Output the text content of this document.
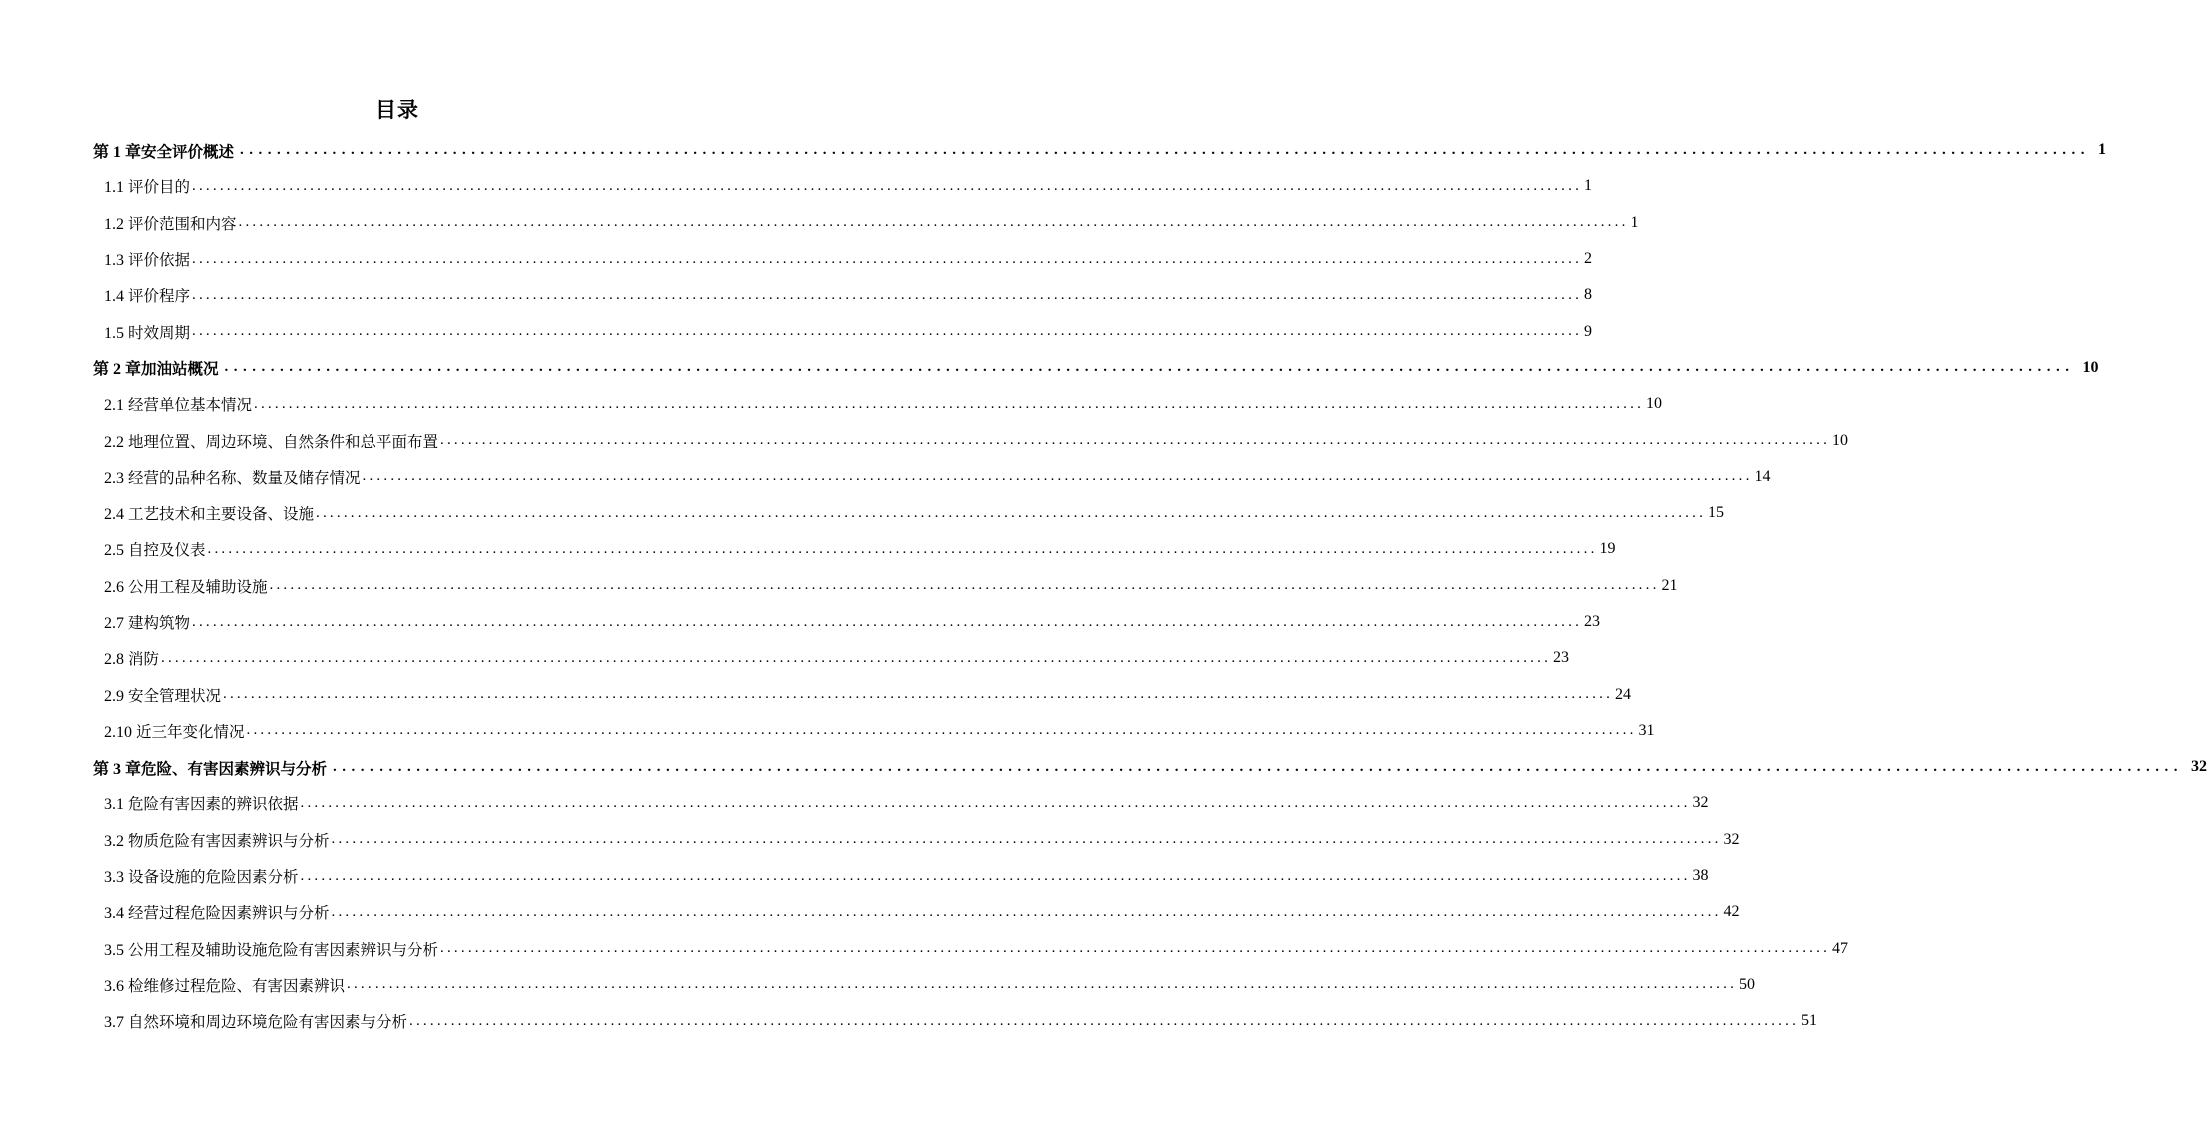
目录
第 1 章安全评价概述 ........................................................................................................................................................................................................ 1
1.1 评价目的 ........................................................................................................................................................................................................ 1
1.2 评价范围和内容 ........................................................................................................................................................................................................ 1
1.3 评价依据 ........................................................................................................................................................................................................ 2
1.4 评价程序 ........................................................................................................................................................................................................ 8
1.5 时效周期 ........................................................................................................................................................................................................ 9
第 2 章加油站概况 ........................................................................................................................................................................................................ 10
2.1 经营单位基本情况 ........................................................................................................................................................................................................ 10
2.2 地理位置、周边环境、自然条件和总平面布置 ........................................................................................................................................................................................................ 10
2.3 经营的品种名称、数量及储存情况 ........................................................................................................................................................................................................ 14
2.4 工艺技术和主要设备、设施 ........................................................................................................................................................................................................ 15
2.5 自控及仪表 ........................................................................................................................................................................................................ 19
2.6 公用工程及辅助设施 ........................................................................................................................................................................................................ 21
2.7 建构筑物 ........................................................................................................................................................................................................ 23
2.8 消防 ........................................................................................................................................................................................................ 23
2.9 安全管理状况 ........................................................................................................................................................................................................ 24
2.10 近三年变化情况 ........................................................................................................................................................................................................ 31
第 3 章危险、有害因素辨识与分析 ........................................................................................................................................................................................................ 32
3.1 危险有害因素的辨识依据 ........................................................................................................................................................................................................ 32
3.2 物质危险有害因素辨识与分析 ........................................................................................................................................................................................................ 32
3.3 设备设施的危险因素分析 ........................................................................................................................................................................................................ 38
3.4 经营过程危险因素辨识与分析 ........................................................................................................................................................................................................ 42
3.5 公用工程及辅助设施危险有害因素辨识与分析 ........................................................................................................................................................................................................ 47
3.6 检维修过程危险、有害因素辨识 ........................................................................................................................................................................................................ 50
3.7 自然环境和周边环境危险有害因素与分析 ........................................................................................................................................................................................................ 51
